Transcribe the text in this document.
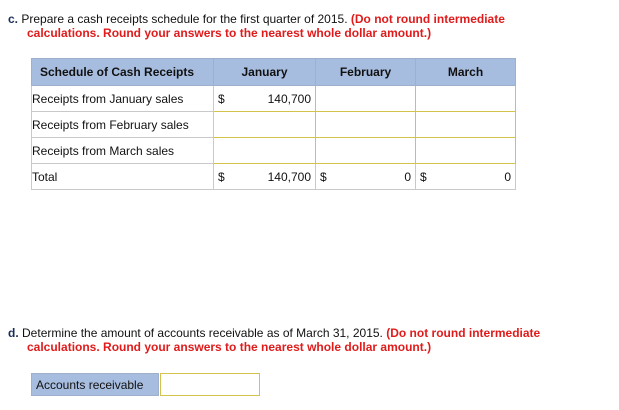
c. Prepare a cash receipts schedule for the first quarter of 2015. (Do not round intermediate
calculations. Round your answers to the nearest whole dollar amount.)
Schedule of Cash Receipts	January	February	March
Receipts from January sales	$ 140,700		

Receipts from February sales	

Receipts from March sales	

Total	$ 140,700	$ 0	$ 0
d. Determine the amount of accounts receivable as of March 31, 2015. (Do not round intermediate
calculations. Round your answers to the nearest whole dollar amount.)
Accounts receivable
